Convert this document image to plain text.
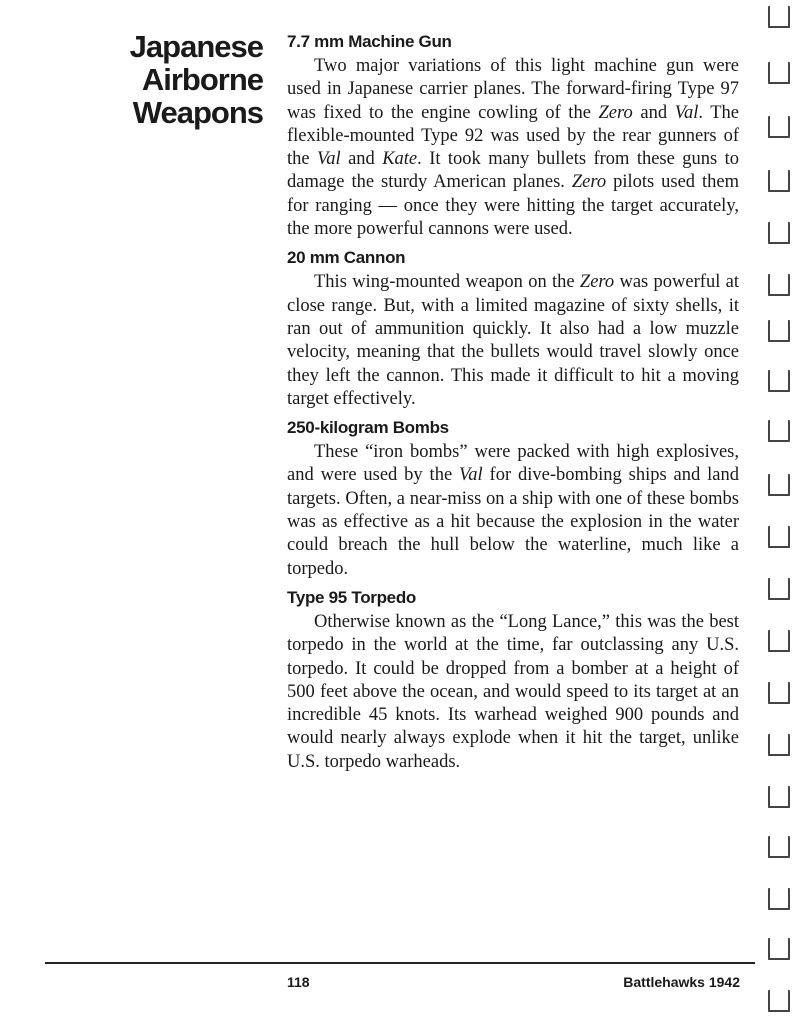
Japanese
Airborne
Weapons
7.7 mm Machine Gun

Two major variations of this light machine gun were used in Japanese carrier planes. The forward-firing Type 97 was fixed to the engine cowling of the Zero and Val. The flexible-mounted Type 92 was used by the rear gunners of the Val and Kate. It took many bullets from these guns to damage the sturdy American planes. Zero pilots used them for ranging — once they were hitting the target accurately, the more powerful cannons were used.

20 mm Cannon

This wing-mounted weapon on the Zero was powerful at close range. But, with a limited magazine of sixty shells, it ran out of ammunition quickly. It also had a low muzzle velocity, meaning that the bullets would travel slowly once they left the cannon. This made it difficult to hit a moving target effectively.

250-kilogram Bombs

These “iron bombs” were packed with high explosives, and were used by the Val for dive-bombing ships and land targets. Often, a near-miss on a ship with one of these bombs was as effective as a hit because the explosion in the water could breach the hull below the waterline, much like a torpedo.

Type 95 Torpedo

Otherwise known as the “Long Lance,” this was the best torpedo in the world at the time, far outclassing any U.S. torpedo. It could be dropped from a bomber at a height of 500 feet above the ocean, and would speed to its target at an incredible 45 knots. Its warhead weighed 900 pounds and would nearly always explode when it hit the target, unlike U.S. torpedo warheads.

118	Battlehawks 1942
